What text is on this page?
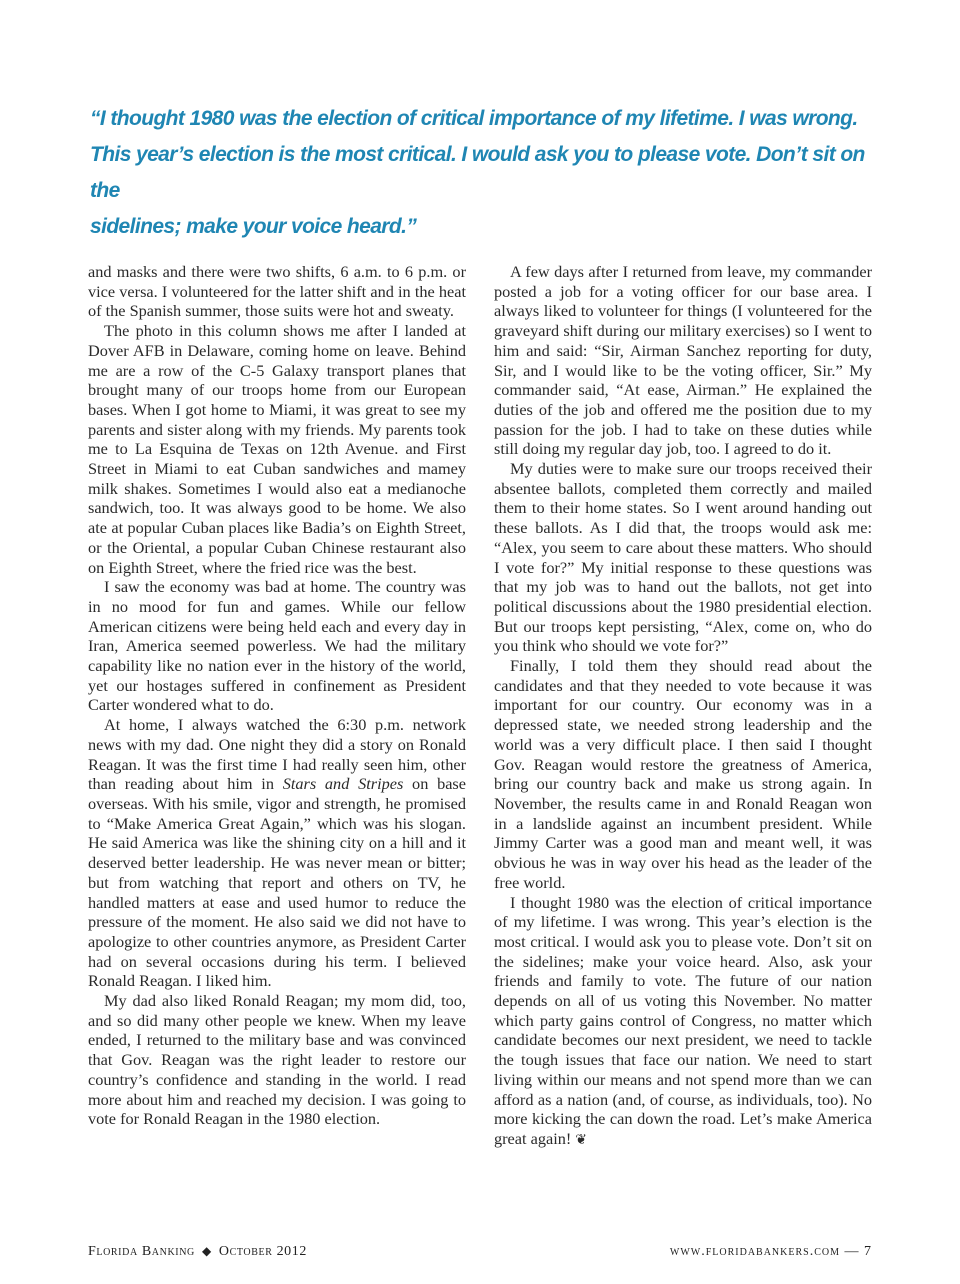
“I thought 1980 was the election of critical importance of my lifetime. I was wrong.
This year’s election is the most critical. I would ask you to please vote. Don’t sit on the
sidelines; make your voice heard.”

and masks and there were two shifts, 6 a.m. to 6 p.m. or vice versa. I volunteered for the latter shift and in the heat of the Spanish summer, those suits were hot and sweaty.

The photo in this column shows me after I landed at Dover AFB in Delaware, coming home on leave. Behind me are a row of the C-5 Galaxy transport planes that brought many of our troops home from our European bases. When I got home to Miami, it was great to see my parents and sister along with my friends. My parents took me to La Esquina de Texas on 12th Avenue. and First Street in Miami to eat Cuban sandwiches and mamey milk shakes. Sometimes I would also eat a medianoche sandwich, too. It was always good to be home. We also ate at popular Cuban places like Badia’s on Eighth Street, or the Oriental, a popular Cuban Chinese restaurant also on Eighth Street, where the fried rice was the best.

I saw the economy was bad at home. The country was in no mood for fun and games. While our fellow American citizens were being held each and every day in Iran, America seemed powerless. We had the military capability like no nation ever in the history of the world, yet our hostages suffered in confinement as President Carter wondered what to do.

At home, I always watched the 6:30 p.m. network news with my dad. One night they did a story on Ronald Reagan. It was the first time I had really seen him, other than reading about him in Stars and Stripes on base overseas. With his smile, vigor and strength, he promised to “Make America Great Again,” which was his slogan. He said America was like the shining city on a hill and it deserved better leadership. He was never mean or bitter; but from watching that report and others on TV, he handled matters at ease and used humor to reduce the pressure of the moment. He also said we did not have to apologize to other countries anymore, as President Carter had on several occasions during his term. I believed Ronald Reagan. I liked him.

My dad also liked Ronald Reagan; my mom did, too, and so did many other people we knew. When my leave ended, I returned to the military base and was convinced that Gov. Reagan was the right leader to restore our country’s confidence and standing in the world. I read more about him and reached my decision. I was going to vote for Ronald Reagan in the 1980 election.

A few days after I returned from leave, my commander posted a job for a voting officer for our base area. I always liked to volunteer for things (I volunteered for the graveyard shift during our military exercises) so I went to him and said: “Sir, Airman Sanchez reporting for duty, Sir, and I would like to be the voting officer, Sir.” My commander said, “At ease, Airman.” He explained the duties of the job and offered me the position due to my passion for the job. I had to take on these duties while still doing my regular day job, too. I agreed to do it.

My duties were to make sure our troops received their absentee ballots, completed them correctly and mailed them to their home states. So I went around handing out these ballots. As I did that, the troops would ask me: “Alex, you seem to care about these matters. Who should I vote for?” My initial response to these questions was that my job was to hand out the ballots, not get into political discussions about the 1980 presidential election. But our troops kept persisting, “Alex, come on, who do you think who should we vote for?”

Finally, I told them they should read about the candidates and that they needed to vote because it was important for our country. Our economy was in a depressed state, we needed strong leadership and the world was a very difficult place. I then said I thought Gov. Reagan would restore the greatness of America, bring our country back and make us strong again. In November, the results came in and Ronald Reagan won in a landslide against an incumbent president. While Jimmy Carter was a good man and meant well, it was obvious he was in way over his head as the leader of the free world.

I thought 1980 was the election of critical importance of my lifetime. I was wrong. This year’s election is the most critical. I would ask you to please vote. Don’t sit on the sidelines; make your voice heard. Also, ask your friends and family to vote. The future of our nation depends on all of us voting this November. No matter which party gains control of Congress, no matter which candidate becomes our next president, we need to tackle the tough issues that face our nation. We need to start living within our means and not spend more than we can afford as a nation (and, of course, as individuals, too). No more kicking the can down the road. Let’s make America great again! ❦

Florida Banking ◆ October 2012	www.floridabankers.com — 7
